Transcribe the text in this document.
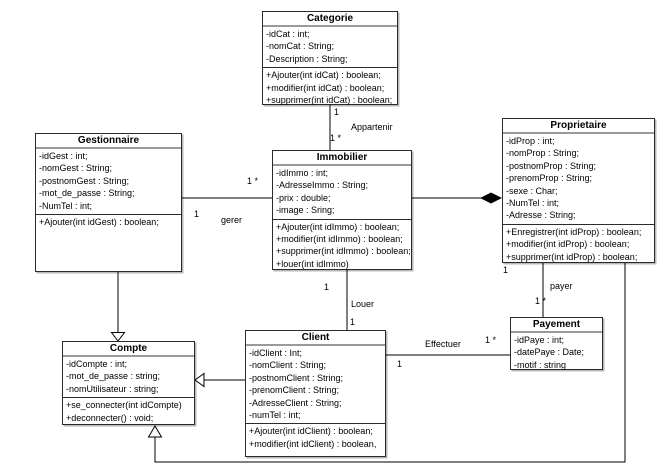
Categorie
-idCat : int;
-nomCat : String;
-Description : String;
+Ajouter(int idCat) : boolean;
+modifier(int idCat) : boolean;
+supprimer(int idCat) : boolean;
Gestionnaire
-idGest : int;
-nomGest : String;
-postnomGest : String;
-mot_de_passe : String;
-NumTel : int;
+Ajouter(int idGest) : boolean;
Immobilier
-idImmo : int;
-AdresseImmo : String;
-prix : double;
-image : Sring;
+Ajouter(int idImmo) : boolean;
+modifier(int idImmo) : boolean;
+supprimer(int idImmo) : boolean;
+louer(int idImmo)
Proprietaire
-idProp : int;
-nomProp : String;
-postnomProp : String;
-prenomProp : String;
-sexe : Char;
-NumTel : int;
-Adresse : String;
+Enregistrer(int idProp) : boolean;
+modifier(int idProp) : boolean;
+supprimer(int idProp) : boolean;
Compte
-idCompte : int;
-mot_de_passe : string;
-nomUtilisateur : string;
+se_connecter(int idCompte)
+deconnecter() : void;
Client
-idClient : Int;
-nomClient : String;
-postnomClient : String;
-prenomClient : String;
-AdresseClient : String;
-numTel : int;
+Ajouter(int idClient) : boolean;
+modifier(int idClient) : boolean,
Payement
-idPaye : int;
-datePaye : Date;
-motif : string
1
Appartenir
1 *
1 *
1
gerer
1
Louer
1
Effectuer	1 *
1
1
payer
1 *
